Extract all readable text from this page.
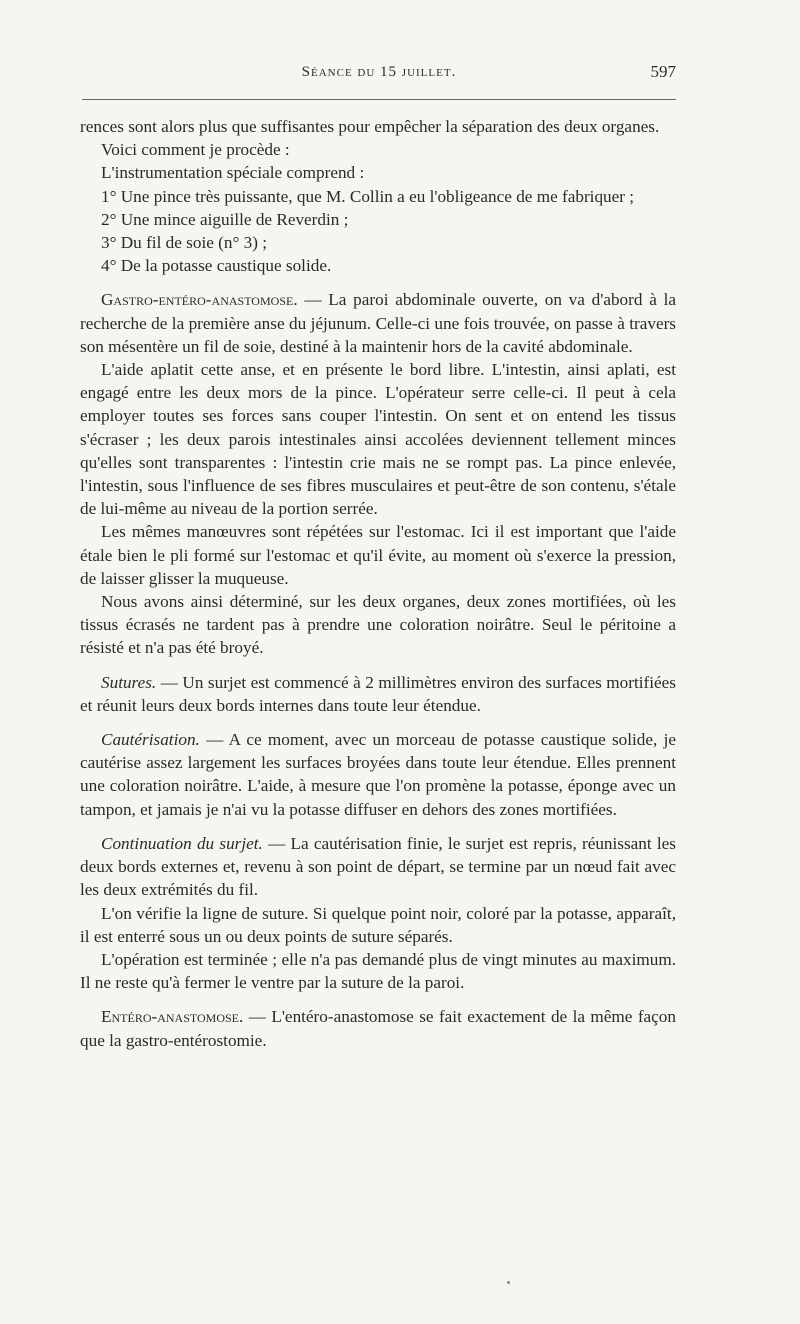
Séance du 15 juillet.	597

rences sont alors plus que suffisantes pour empêcher la séparation des deux organes.

Voici comment je procède :

L'instrumentation spéciale comprend :

1° Une pince très puissante, que M. Collin a eu l'obligeance de me fabriquer ;

2° Une mince aiguille de Reverdin ;

3° Du fil de soie (n° 3) ;

4° De la potasse caustique solide.

Gastro-entéro-anastomose. — La paroi abdominale ouverte, on va d'abord à la recherche de la première anse du jéjunum. Celle-ci une fois trouvée, on passe à travers son mésentère un fil de soie, destiné à la maintenir hors de la cavité abdominale.

L'aide aplatit cette anse, et en présente le bord libre. L'intestin, ainsi aplati, est engagé entre les deux mors de la pince. L'opérateur serre celle-ci. Il peut à cela employer toutes ses forces sans couper l'intestin. On sent et on entend les tissus s'écraser ; les deux parois intestinales ainsi accolées deviennent tellement minces qu'elles sont transparentes : l'intestin crie mais ne se rompt pas. La pince enlevée, l'intestin, sous l'influence de ses fibres musculaires et peut-être de son contenu, s'étale de lui-même au niveau de la portion serrée.

Les mêmes manœuvres sont répétées sur l'estomac. Ici il est important que l'aide étale bien le pli formé sur l'estomac et qu'il évite, au moment où s'exerce la pression, de laisser glisser la muqueuse.

Nous avons ainsi déterminé, sur les deux organes, deux zones mortifiées, où les tissus écrasés ne tardent pas à prendre une coloration noirâtre. Seul le péritoine a résisté et n'a pas été broyé.

Sutures. — Un surjet est commencé à 2 millimètres environ des surfaces mortifiées et réunit leurs deux bords internes dans toute leur étendue.

Cautérisation. — A ce moment, avec un morceau de potasse caustique solide, je cautérise assez largement les surfaces broyées dans toute leur étendue. Elles prennent une coloration noirâtre. L'aide, à mesure que l'on promène la potasse, éponge avec un tampon, et jamais je n'ai vu la potasse diffuser en dehors des zones mortifiées.

Continuation du surjet. — La cautérisation finie, le surjet est repris, réunissant les deux bords externes et, revenu à son point de départ, se termine par un nœud fait avec les deux extrémités du fil.

L'on vérifie la ligne de suture. Si quelque point noir, coloré par la potasse, apparaît, il est enterré sous un ou deux points de suture séparés.

L'opération est terminée ; elle n'a pas demandé plus de vingt minutes au maximum. Il ne reste qu'à fermer le ventre par la suture de la paroi.

Entéro-anastomose. — L'entéro-anastomose se fait exactement de la même façon que la gastro-entérostomie.
